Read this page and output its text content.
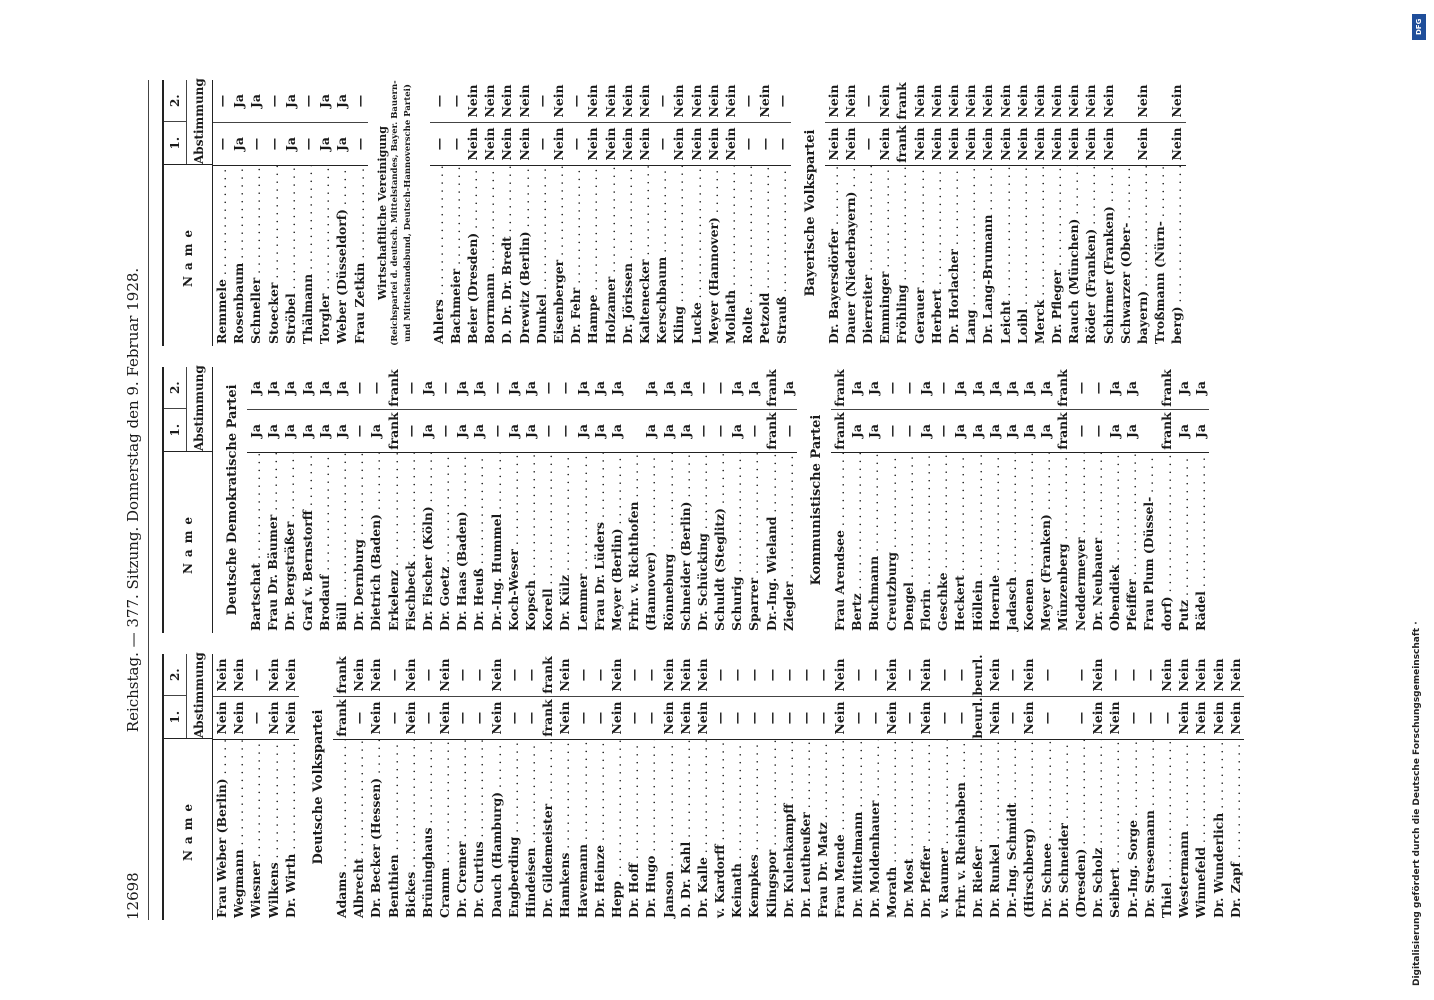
DFG
Digitalisierung gefördert durch die Deutsche Forschungsgemeinschaft ·
12698
Reichstag. — 377. Sitzung. Donnerstag den 9. Februar 1928.
Name
1.
2. Abstimmung
Frau Weber (Berlin) . . .
Nein
Nein
Wegmann . . .
Nein
Nein
Wiesner . . .
—
—
Wilkens . . .
Nein
Nein
Dr. Wirth . . .
Nein
Nein
Deutsche Volkspartei
Adams . . .
frank
frank
Albrecht . . .
—
Nein
Dr. Becker (Hessen) . . .
Nein
Nein
Benthien . . .
—
—
Bickes . . .
Nein
Nein
Brüninghaus . . .
—
—
Cramm . . .
Nein
Nein
Dr. Cremer . . .
—
—
Dr. Curtius . . .
—
—
Dauch (Hamburg) . . .
Nein
Nein
Engberding . . .
—
—
Hindeisen . . .
—
—
Dr. Gildemeister . . .
frank
frank
Hamkens . . .
Nein
Nein
Havemann . . .
—
—
Dr. Heinze . . .
—
—
Hepp . . .
Nein
Nein
Dr. Hoff . . .
—
—
Dr. Hugo . . .
—
—
Janson . . .
Nein
Nein
D. Dr. Kahl . . .
Nein
Nein
Dr. Kalle . . .
Nein
Nein
v. Kardorff . . .
—
—
Keinath . . .
—
—
Kempkes . . .
—
—
Klingspor . . .
—
—
Dr. Kulenkampff . . .
—
—
Dr. Leutheußer . . .
—
—
Frau Dr. Matz . . .
—
—
Frau Mende . . .
Nein
Nein
Dr. Mittelmann . . .
—
—
Dr. Moldenhauer . . .
—
—
Morath . . .
Nein
Nein
Dr. Most . . .
—
—
Dr. Pfeffer . . .
Nein
Nein
v. Raumer . . .
—
—
Frhr. v. Rheinbaben . . .
—
—
Dr. Rießer . . .
beurl.
beurl.
Dr. Runkel . . .
Nein
Nein
Dr.-Ing. Schmidt . . .
—
—
(Hirschberg) . . .
Nein
Nein
Dr. Schnee . . .
—
—
Dr. Schneider . . . (Dresden) . . .
—
—
Dr. Scholz . . .
Nein
Nein
Seibert . . .
Nein
—
Dr.-Ing. Sorge . . .
—
—
Dr. Stresemann . . .
—
—
Thiel . . .
—
Nein
Westermann . . .
Nein
Nein
Winnefeld . . .
Nein
Nein
Dr. Wunderlich . . .
Nein
Nein
Dr. Zapf . . .
Nein
Nein
Name
1.
2. Abstimmung	Deutsche Demokratische Partei Bartschat . . .
Ja
Ja
Frau Dr. Bäumer . . .
Ja
Ja
Dr. Bergsträßer . . .
Ja
Ja
Graf v. Bernstorff . . .
Ja
Ja
Brodauf . . .
Ja
Ja
Büll . . .
Ja
Ja
Dr. Dernburg . . .
—
—
Dietrich (Baden) . . .
Ja
—
Erkelenz . . .
frank
frank
Fischbeck . . .
—
—
Dr. Fischer (Köln) . . .
Ja
Ja
Dr. Goetz . . .
—
—
Dr. Haas (Baden) . . .
Ja
Ja
Dr. Heuß . . .
Ja
Ja
Dr.-Ing. Hummel . . .
—
—
Koch-Weser . . .
Ja
Ja
Kopsch . . .
Ja
Ja
Korell . . .
—
—
Dr. Külz . . .
—
—
Lemmer . . .
Ja
Ja
Frau Dr. Lüders . . .
Ja
Ja
Meyer (Berlin) . . .
Ja
Ja
Frhr. v. Richthofen . . . (Hannover) . . .
Ja
Ja
Rönneburg . . .
Ja
Ja
Schneider (Berlin) . . .
Ja
Ja
Dr. Schücking . . .
—
—
Schuldt (Steglitz) . . .
—
—
Schurig . . .
Ja
Ja
Sparrer . . .
—
Ja
Dr.-Ing. Wieland . . .
frank
frank
Ziegler . . .
—
Ja
Kommunistische Partei Frau Arendsee . . .
frank
frank
Bertz . . .
Ja
Ja
Buchmann . . .
Ja
Ja
Creutzburg . . .
—
—
Dengel . . .
—
—
Florin . . .
Ja
Ja
Geschke . . .
—
—
Heckert . . .
Ja
Ja
Höllein . . .
Ja
Ja
Hoernle . . .
Ja
Ja
Jadasch . . .
Ja
Ja
Koenen . . .
Ja
Ja
Meyer (Franken) . . .
Ja
Ja
Münzenberg . . .
frank
frank
Neddermeyer . . .
—
—
Dr. Neubauer . . .
—
—
Obendiek . . .
Ja
Ja
Pfeiffer . . .
Ja
Ja
Frau Plum (Düssel- . . . dorf) . . .
frank
frank
Putz . . .
Ja
Ja
Rädel . . .
Ja
Ja
Name
1.
2. Abstimmung
Remmele . . .
—
—
Rosenbaum . . .
Ja
Ja
Schneller . . .
—
Ja
Stoecker . . .
—
—
Ströbel . . .
Ja
Ja
Thälmann . . .
—
—
Torgler . . .
Ja
Ja
Weber (Düsseldorf) . . .
Ja
Ja
Frau Zetkin . . .
—
—
Wirtschaftliche Vereinigung (Reichspartei d. deutsch. Mittelstandes, Bayer. Bauern- und Mittelstandsbund, Deutsch-Hannoversche Partei) Ahlers . . .
—
—
Bachmeier . . .
—
—
Beier (Dresden) . . .
Nein
Nein
Borrmann . . .
Nein
Nein
D. Dr. Dr. Bredt . . .
Nein
Nein
Drewitz (Berlin) . . .
Nein
Nein
Dunkel . . .
—
—
Eisenberger . . .
Nein
Nein
Dr. Fehr . . .
—
—
Hampe . . .
Nein
Nein
Holzamer . . .
Nein
Nein
Dr. Jörissen . . .
Nein
Nein
Kaltenecker . . .
Nein
Nein
Kerschbaum . . .
—
—
Kling . . .
Nein
Nein
Lucke . . .
Nein
Nein
Meyer (Hannover) . . .
Nein
Nein
Mollath . . .
Nein
Nein
Rolte . . .
—
—
Petzold . . .
—
Nein
Strauß . . .
—
—
Bayerische Volkspartei Dr. Bayersdörfer . . .
Nein
Nein
Dauer (Niederbayern) . . .
Nein
Nein
Dierreiter . . .
—
—
Emminger . . .
Nein
Nein
Fröhling . . .
frank
frank
Gerauer . . .
Nein
Nein
Herbert . . .
Nein
Nein
Dr. Horlacher . . .
Nein
Nein
Lang . . .
Nein
Nein
Dr. Lang-Brumann . . .
Nein
Nein
Leicht . . .
Nein
Nein
Loibl . . .
Nein
Nein
Merck . . .
Nein
Nein
Dr. Pfleger . . .
Nein
Nein
Rauch (München) . . .
Nein
Nein
Röder (Franken) . . .
Nein
Nein
Schirmer (Franken) . . .
Nein
Nein
Schwarzer (Ober- . . . bayern) . . .
Nein
Nein
Troßmann (Nürn- . . . berg) . . .
Nein
Nein
